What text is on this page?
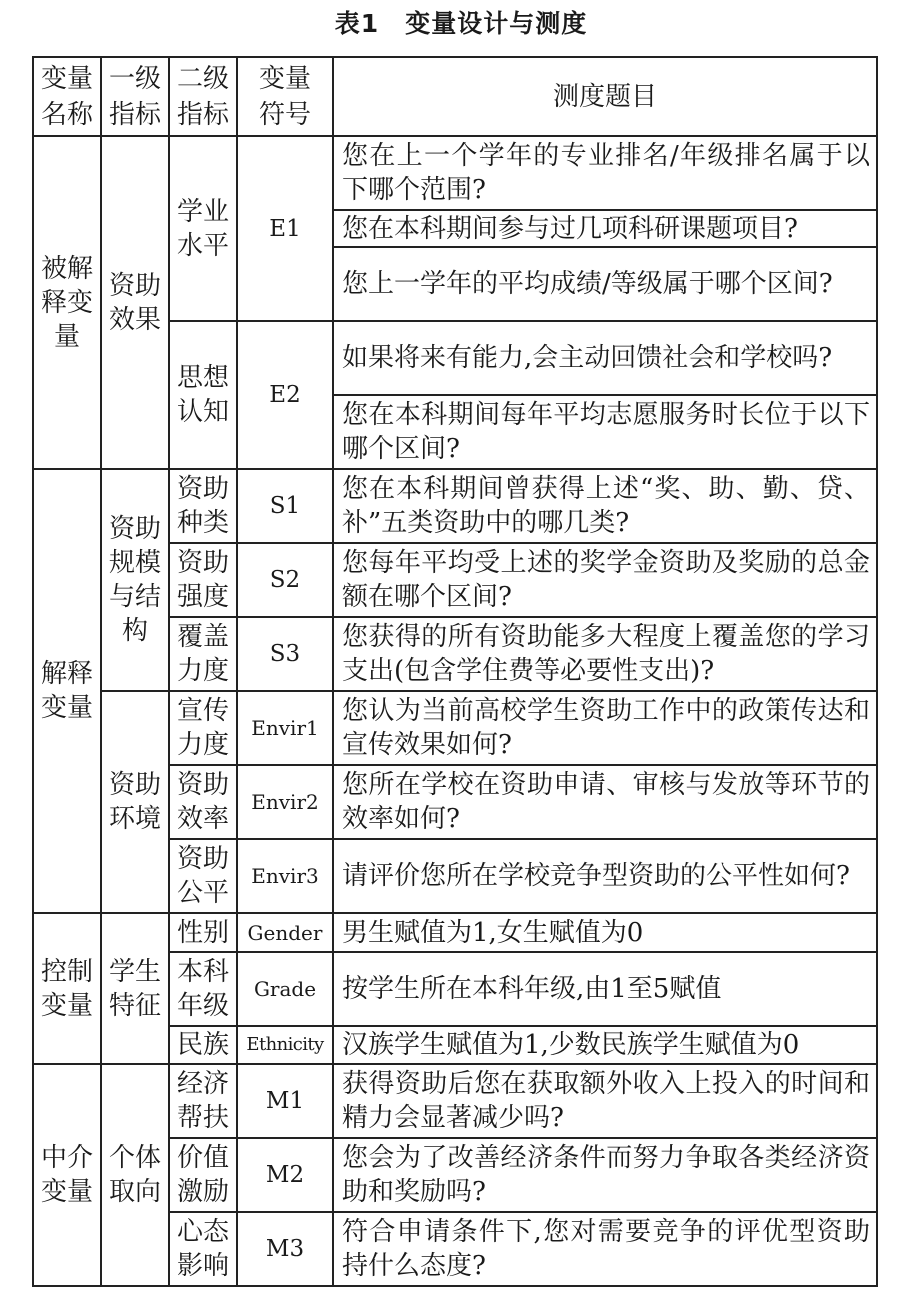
表1 变量设计与测度
变量名称	一级指标	二级指标	变量符号	测度题目

被解释变量	资助效果	学业水平	E1	您在上一个学年的专业排名/年级排名属于以下哪个范围?
				您在本科期间参与过几项科研课题项目?
				您上一学年的平均成绩/等级属于哪个区间?
		思想认知	E2	如果将来有能力,会主动回馈社会和学校吗?
				您在本科期间每年平均志愿服务时长位于以下哪个区间?
解释变量	资助规模与结构	资助种类	S1	您在本科期间曾获得上述“奖、助、勤、贷、补”五类资助中的哪几类?
		资助强度	S2	您每年平均受上述的奖学金资助及奖励的总金额在哪个区间?
		覆盖力度	S3	您获得的所有资助能多大程度上覆盖您的学习支出(包含学住费等必要性支出)?
	资助环境	宣传力度	Envir1	您认为当前高校学生资助工作中的政策传达和宣传效果如何?
		资助效率	Envir2	您所在学校在资助申请、审核与发放等环节的效率如何?
		资助公平	Envir3	请评价您所在学校竞争型资助的公平性如何?
控制变量	学生特征	性别	Gender	男生赋值为1,女生赋值为0
		本科年级	Grade	按学生所在本科年级,由1至5赋值
		民族	Ethnicity	汉族学生赋值为1,少数民族学生赋值为0
中介变量	个体取向	经济帮扶	M1	获得资助后您在获取额外收入上投入的时间和精力会显著减少吗?
		价值激励	M2	您会为了改善经济条件而努力争取各类经济资助和奖励吗?
		心态影响	M3	符合申请条件下,您对需要竞争的评优型资助持什么态度?
